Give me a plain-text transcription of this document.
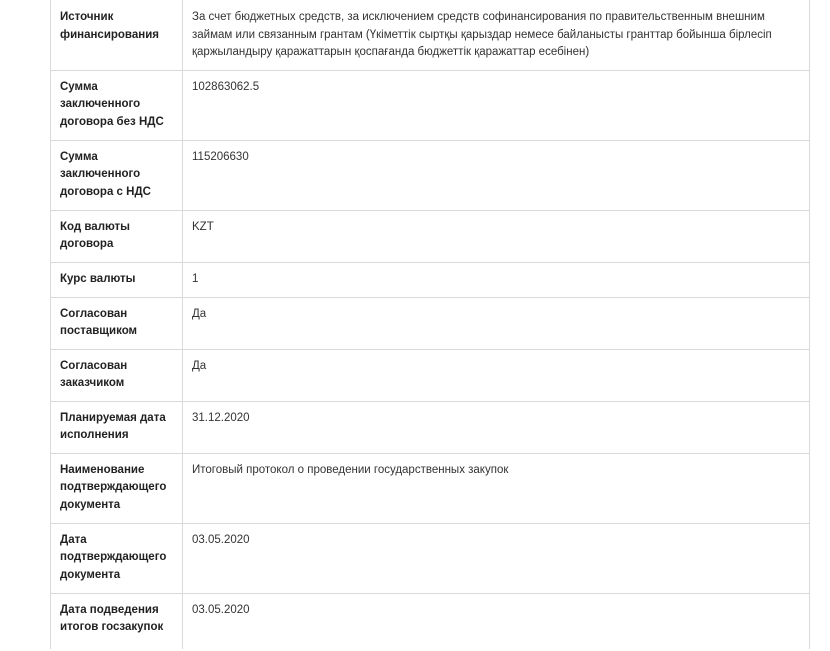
Источник финансирования	За счет бюджетных средств, за исключением средств софинансирования по правительственным внешним займам или связанным грантам (Үкіметтік сыртқы қарыздар немесе байланысты гранттар бойынша бірлесіп қаржыландыру қаражаттарын қоспағанда бюджеттік қаражаттар есебінен)
Сумма заключенного договора без НДС	102863062.5
Сумма заключенного договора с НДС	115206630
Код валюты договора	KZT
Курс валюты	1
Согласован поставщиком	Да
Согласован заказчиком	Да
Планируемая дата исполнения	31.12.2020
Наименование подтверждающего документа	Итоговый протокол о проведении государственных закупок
Дата подтверждающего документа	03.05.2020
Дата подведения итогов госзакупок	03.05.2020
